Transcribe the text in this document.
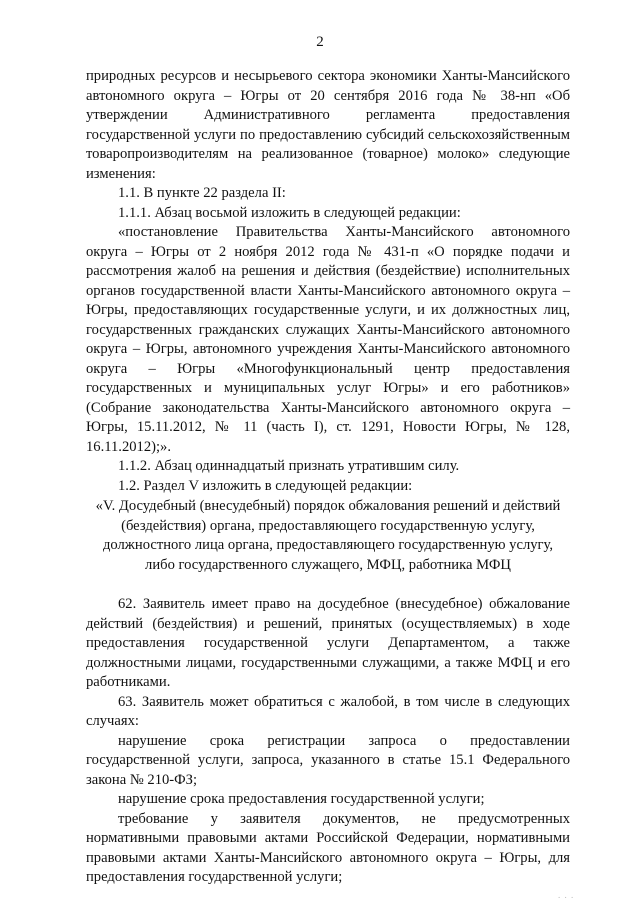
2

природных ресурсов и несырьевого сектора экономики Ханты-Мансийского автономного округа – Югры от 20 сентября 2016 года № 38-нп «Об утверждении Административного регламента предоставления государственной услуги по предоставлению субсидий сельскохозяйственным товаропроизводителям на реализованное (товарное) молоко» следующие изменения:

1.1. В пункте 22 раздела II:

1.1.1. Абзац восьмой изложить в следующей редакции:

«постановление Правительства Ханты-Мансийского автономного округа – Югры от 2 ноября 2012 года № 431-п «О порядке подачи и рассмотрения жалоб на решения и действия (бездействие) исполнительных органов государственной власти Ханты-Мансийского автономного округа – Югры, предоставляющих государственные услуги, и их должностных лиц, государственных гражданских служащих Ханты-Мансийского автономного округа – Югры, автономного учреждения Ханты-Мансийского автономного округа – Югры «Многофункциональный центр предоставления государственных и муниципальных услуг Югры» и его работников» (Собрание законодательства Ханты-Мансийского автономного округа – Югры, 15.11.2012, № 11 (часть I), ст. 1291, Новости Югры, № 128, 16.11.2012);».

1.1.2. Абзац одиннадцатый признать утратившим силу.

1.2. Раздел V изложить в следующей редакции:

«V. Досудебный (внесудебный) порядок обжалования решений и действий (бездействия) органа, предоставляющего государственную услугу, должностного лица органа, предоставляющего государственную услугу, либо государственного служащего, МФЦ, работника МФЦ

62. Заявитель имеет право на досудебное (внесудебное) обжалование действий (бездействия) и решений, принятых (осуществляемых) в ходе предоставления государственной услуги Департаментом, а также должностными лицами, государственными служащими, а также МФЦ и его работниками.

63. Заявитель может обратиться с жалобой, в том числе в следующих случаях:

нарушение срока регистрации запроса о предоставлении государственной услуги, запроса, указанного в статье 15.1 Федерального закона № 210-ФЗ;

нарушение срока предоставления государственной услуги;

требование у заявителя документов, не предусмотренных нормативными правовыми актами Российской Федерации, нормативными правовыми актами Ханты-Мансийского автономного округа – Югры, для предоставления государственной услуги;

. . .
